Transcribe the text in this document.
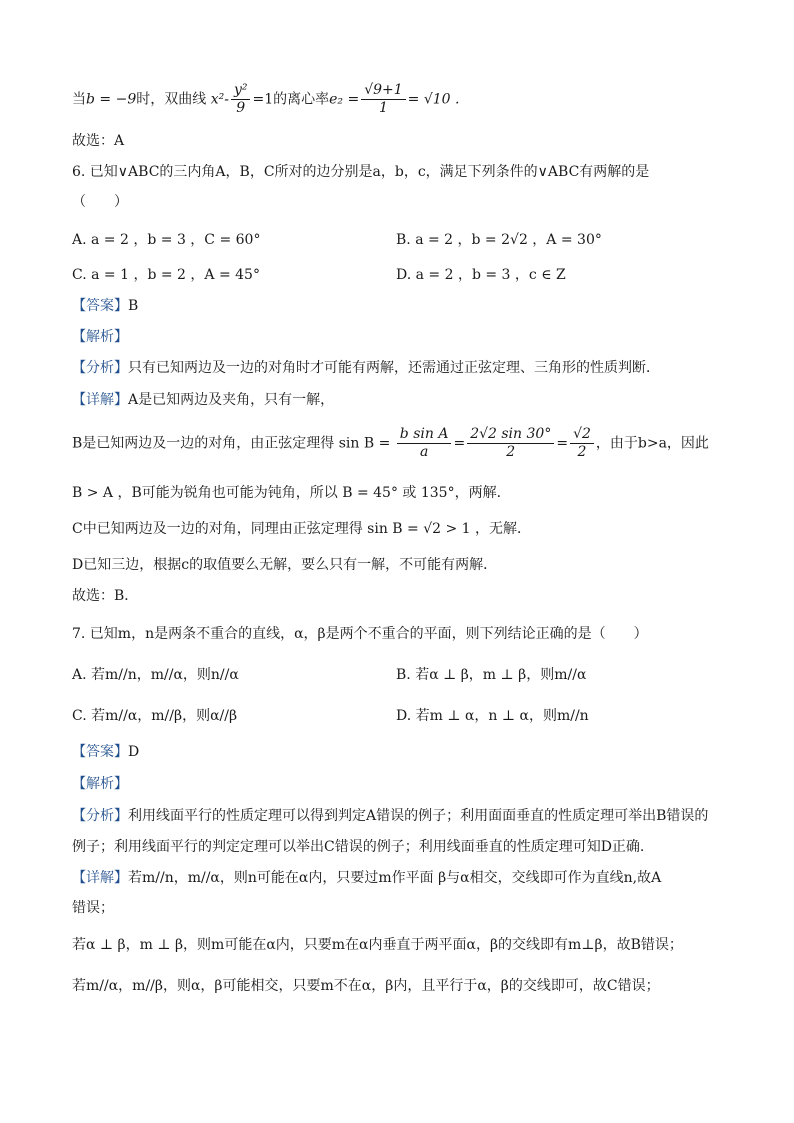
当b = −9时，双曲线 $x^2- \frac{\text{y²}}{9} =1$的离心率$e_2 = \frac{√9+1}{1} = √10$ .
故选：A
6. 已知∨ABC的三内角A，B，C所对的边分别是a，b，c，满足下列条件的∨ABC有两解的是
（　　）
A. a = 2 ，b = 3 ，C = 60°	B. a = 2 ，b = 2√2 ，A = 30°
C. a = 1 ，b = 2 ，A = 45°	D. a = 2 ，b = 3 ，c ∈ Z
【答案】B
【解析】
【分析】只有已知两边及一边的对角时才可能有两解，还需通过正弦定理、三角形的性质判断．
【详解】A是已知两边及夹角，只有一解，
B是已知两边及一边的对角，由正弦定理得 $\sin B = \frac{\text{b sin A}}{a} = \frac{2√2 \sin 30^\circ}{2} = \frac{√2}{2}$ ，由于b>a，因此
B > A ，B可能为锐角也可能为钝角，所以 B = 45° 或 135°，两解．
C中已知两边及一边的对角，同理由正弦定理得 sin B = √2 > 1 ，无解．
D已知三边，根据c的取值要么无解，要么只有一解，不可能有两解．
故选：B．
7. 已知m，n是两条不重合的直线，α，β是两个不重合的平面，则下列结论正确的是（　　）
A. 若m//n，m//α，则n//α	B. 若α ⊥ β，m ⊥ β，则m//α
C. 若m//α，m//β，则α//β	D. 若m ⊥ α，n ⊥ α，则m//n
【答案】D
【解析】
【分析】利用线面平行的性质定理可以得到判定A错误的例子；利用面面垂直的性质定理可举出B错误的
例子；利用线面平行的判定定理可以举出C错误的例子；利用线面垂直的性质定理可知D正确.
【详解】若m//n，m//α，则n可能在α内，只要过m作平面 β与α相交，交线即可作为直线n,故A
错误；
若α ⊥ β，m ⊥ β，则m可能在α内，只要m在α内垂直于两平面α，β的交线即有m⊥β，故B错误；
若m//α，m//β，则α，β可能相交，只要m不在α，β内，且平行于α，β的交线即可，故C错误；
